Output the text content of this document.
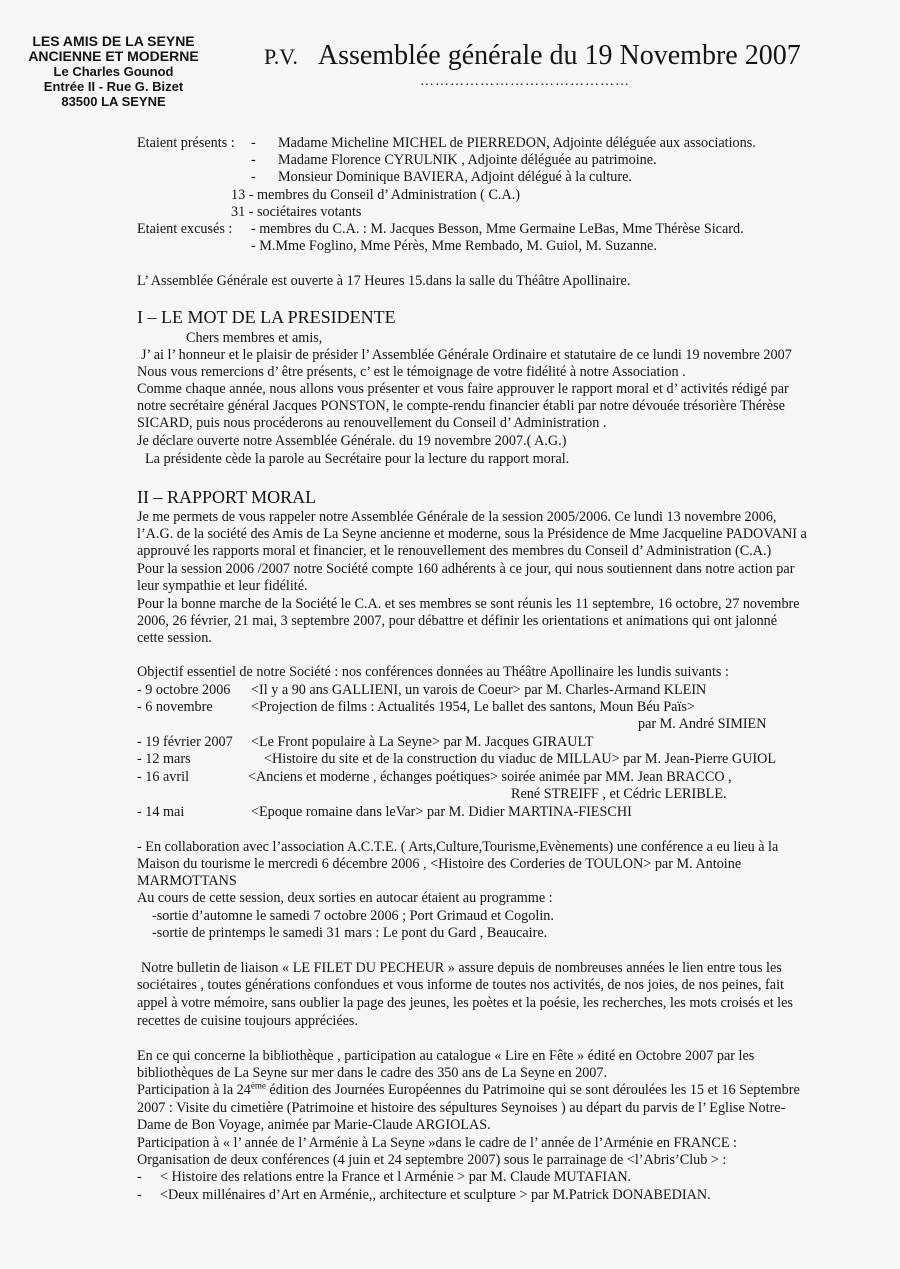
LES AMIS DE LA SEYNE
ANCIENNE ET MODERNE
Le Charles Gounod
Entrée II - Rue G. Bizet
83500 LA SEYNE
P.V. Assemblée générale du 19 Novembre 2007
……………………………………
Etaient présents : - Madame Micheline MICHEL de PIERREDON, Adjointe déléguée aux associations.
- Madame Florence CYRULNIK , Adjointe déléguée au patrimoine.
- Monsieur Dominique BAVIERA, Adjoint délégué à la culture.
13 - membres du Conseil d’ Administration ( C.A.)
31 - sociétaires votants
Etaient excusés : - membres du C.A. : M. Jacques Besson, Mme Germaine LeBas, Mme Thérèse Sicard.
- M.Mme Foglino, Mme Pérès, Mme Rembado, M. Guiol, M. Suzanne.
L’ Assemblée Générale est ouverte à 17 Heures 15.dans la salle du Théâtre Apollinaire.
I – LE MOT DE LA PRESIDENTE
Chers membres et amis,
J’ ai l’ honneur et le plaisir de présider l’ Assemblée Générale Ordinaire et statutaire de ce lundi 19 novembre 2007
Nous vous remercions d’ être présents, c’ est le témoignage de votre fidélité à notre Association .
Comme chaque année, nous allons vous présenter et vous faire approuver le rapport moral et d’ activités rédigé par
notre secrétaire général Jacques PONSTON, le compte-rendu financier établi par notre dévouée trésorière Thérèse
SICARD, puis nous procéderons au renouvellement du Conseil d’ Administration .
Je déclare ouverte notre Assemblée Générale. du 19 novembre 2007.( A.G.)
La présidente cède la parole au Secrétaire pour la lecture du rapport moral.
II – RAPPORT MORAL
Je me permets de vous rappeler notre Assemblée Générale de la session 2005/2006. Ce lundi 13 novembre 2006,
l’A.G. de la société des Amis de La Seyne ancienne et moderne, sous la Présidence de Mme Jacqueline PADOVANI a
approuvé les rapports moral et financier, et le renouvellement des membres du Conseil d’ Administration (C.A.)
Pour la session 2006 /2007 notre Société compte 160 adhérents à ce jour, qui nous soutiennent dans notre action par
leur sympathie et leur fidélité.
Pour la bonne marche de la Société le C.A. et ses membres se sont réunis les 11 septembre, 16 octobre, 27 novembre
2006, 26 février, 21 mai, 3 septembre 2007, pour débattre et définir les orientations et animations qui ont jalonné
cette session.
Objectif essentiel de notre Société : nos conférences données au Théâtre Apollinaire les lundis suivants :
- 9 octobre 2006 <Il y a 90 ans GALLIENI, un varois de Coeur> par M. Charles-Armand KLEIN
- 6 novembre	<Projection de films : Actualités 1954, Le ballet des santons, Moun Béu Païs>
par M. André SIMIEN
- 19 février 2007 <Le Front populaire à La Seyne> par M. Jacques GIRAULT
- 12 mars	<Histoire du site et de la construction du viaduc de MILLAU> par M. Jean-Pierre GUIOL
- 16 avril	<Anciens et moderne , échanges poétiques> soirée animée par MM. Jean BRACCO ,
René STREIFF , et Cédric LERIBLE.
- 14 mai	<Epoque romaine dans leVar> par M. Didier MARTINA-FIESCHI
- En collaboration avec l’association A.C.T.E. ( Arts,Culture,Tourisme,Evènements) une conférence a eu lieu à la
Maison du tourisme le mercredi 6 décembre 2006 , <Histoire des Corderies de TOULON> par M. Antoine
MARMOTTANS
Au cours de cette session, deux sorties en autocar étaient au programme :
-sortie d’automne le samedi 7 octobre 2006 ; Port Grimaud et Cogolin.
-sortie de printemps le samedi 31 mars : Le pont du Gard , Beaucaire.
Notre bulletin de liaison « LE FILET DU PECHEUR » assure depuis de nombreuses années le lien entre tous les
sociétaires , toutes générations confondues et vous informe de toutes nos activités, de nos joies, de nos peines, fait
appel à votre mémoire, sans oublier la page des jeunes, les poètes et la poésie, les recherches, les mots croisés et les
recettes de cuisine toujours appréciées.
En ce qui concerne la bibliothèque , participation au catalogue « Lire en Fête » édité en Octobre 2007 par les
bibliothèques de La Seyne sur mer dans le cadre des 350 ans de La Seyne en 2007.
Participation à la 24ème édition des Journées Européennes du Patrimoine qui se sont déroulées les 15 et 16 Septembre
2007 : Visite du cimetière (Patrimoine et histoire des sépultures Seynoises ) au départ du parvis de l’ Eglise Notre-
Dame de Bon Voyage, animée par Marie-Claude ARGIOLAS.
Participation à « l’ année de l’ Arménie à La Seyne »dans le cadre de l’ année de l’Arménie en FRANCE :
Organisation de deux conférences (4 juin et 24 septembre 2007) sous le parrainage de <l’Abris’Club > :
- < Histoire des relations entre la France et l Arménie > par M. Claude MUTAFIAN.
- <Deux millénaires d’Art en Arménie,, architecture et sculpture > par M.Patrick DONABEDIAN.
